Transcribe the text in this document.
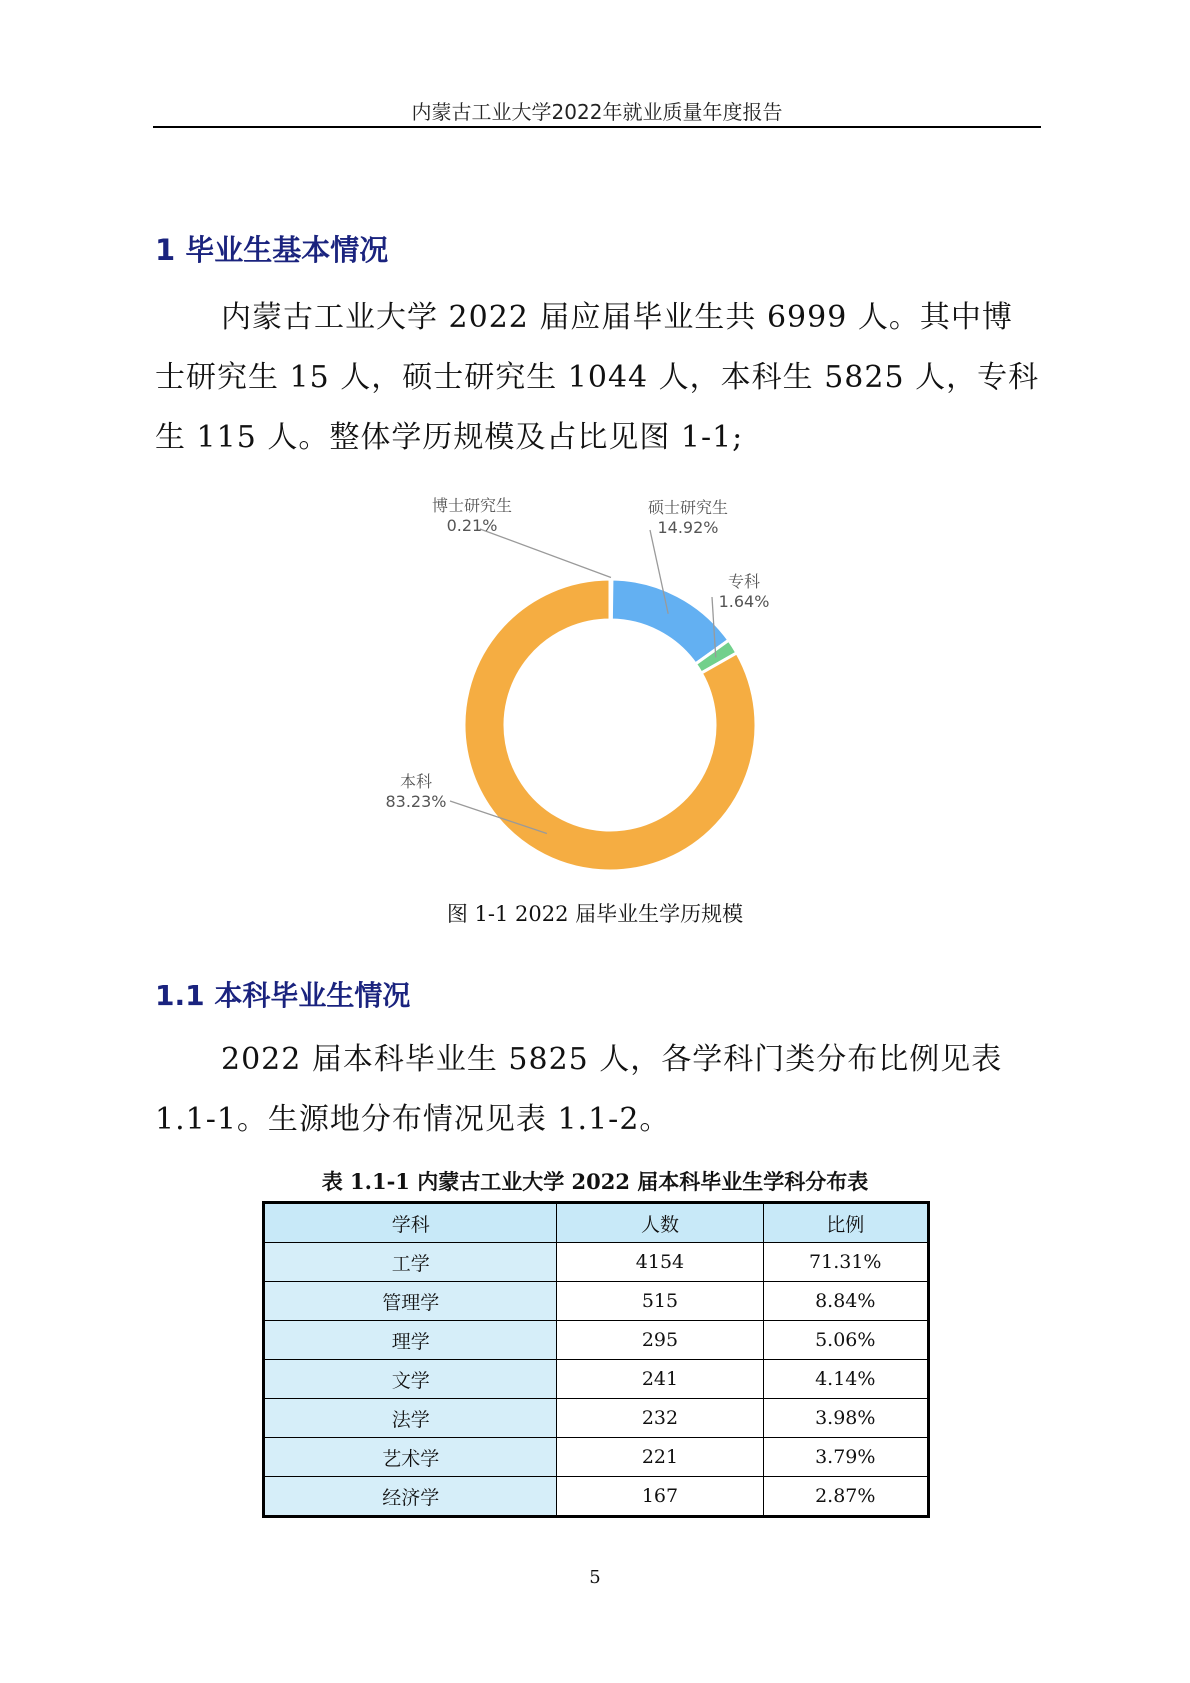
内蒙古工业大学2022年就业质量年度报告
1 毕业生基本情况
内蒙古工业大学 2022 届应届毕业生共 6999 人。其中博士研究生 15 人，硕士研究生 1044 人，本科生 5825 人，专科生 115 人。整体学历规模及占比见图 1-1;
博士研究生
0.21%
硕士研究生
14.92%
专科
1.64%
本科
83.23%
图 1-1 2022 届毕业生学历规模
1.1 本科毕业生情况
2022 届本科毕业生 5825 人，各学科门类分布比例见表 1.1-1。生源地分布情况见表 1.1-2。
表 1.1-1 内蒙古工业大学 2022 届本科毕业生学科分布表
学科	人数	比例
工学	4154	71.31%
管理学	515	8.84%
理学	295	5.06%
文学	241	4.14%
法学	232	3.98%
艺术学	221	3.79%
经济学	167	2.87%
5
